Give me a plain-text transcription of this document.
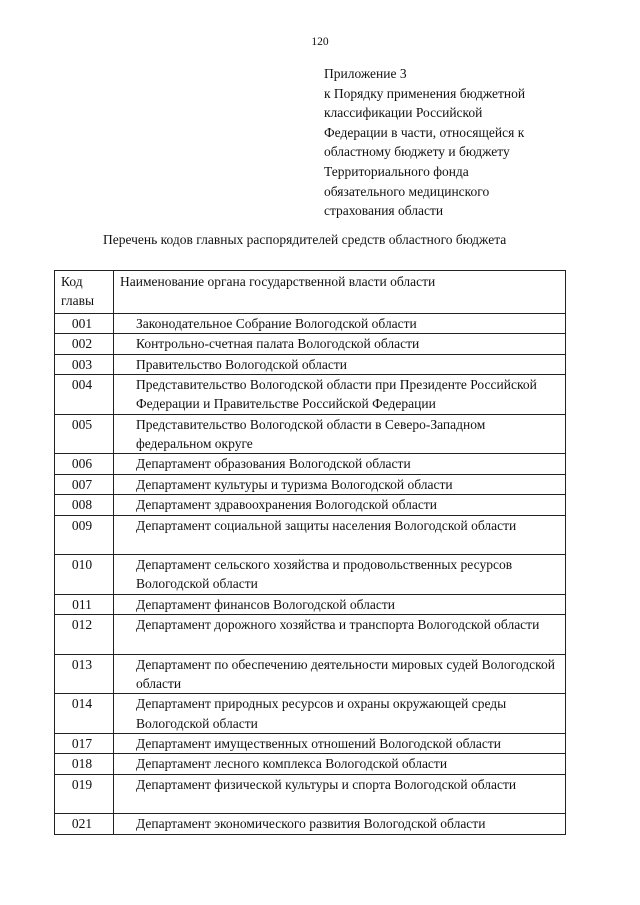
120
Приложение 3
к Порядку применения бюджетной
классификации Российской
Федерации в части, относящейся к
областному бюджету и бюджету
Территориального фонда
обязательного медицинского
страхования области
Перечень кодов главных распорядителей средств областного бюджета
Код
главы	Наименование органа государственной власти области
001	Законодательное Собрание Вологодской области
002	Контрольно-счетная палата Вологодской области
003	Правительство Вологодской области
004	Представительство Вологодской области при Президенте Российской Федерации и Правительстве Российской Федерации
005	Представительство Вологодской области в Северо-Западном федеральном округе
006	Департамент образования Вологодской области
007	Департамент культуры и туризма Вологодской области
008	Департамент здравоохранения Вологодской области
009	Департамент социальной защиты населения Вологодской области
010	Департамент сельского хозяйства и продовольственных ресурсов Вологодской области
011	Департамент финансов Вологодской области
012	Департамент дорожного хозяйства и транспорта Вологодской области
013	Департамент по обеспечению деятельности мировых судей Вологодской области
014	Департамент природных ресурсов и охраны окружающей среды Вологодской области
017	Департамент имущественных отношений Вологодской области
018	Департамент лесного комплекса Вологодской области
019	Департамент физической культуры и спорта Вологодской области
021	Департамент экономического развития Вологодской области
